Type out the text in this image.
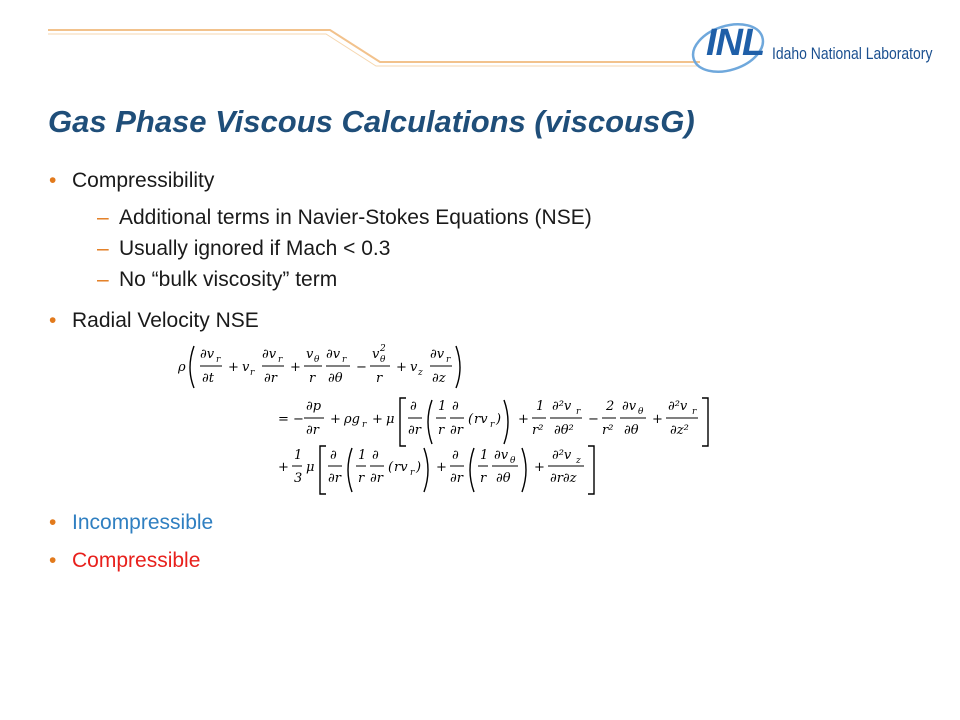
INL Idaho National Laboratory
Gas Phase Viscous Calculations (viscousG)
• Compressibility
– Additional terms in Navier-Stokes Equations (NSE)
– Usually ignored if Mach < 0.3
– No “bulk viscosity” term
• Radial Velocity NSE
ρ
∂v r
∂t
+ v r
∂v r
∂r
+
v θ
r
∂v r
∂θ
−
v 2
θ
r
+ v z
∂v r
∂z
= −
∂p
∂r
+ ρg r + μ
∂
∂r
1
r
∂
∂r
( rv r ) +
1
r²
∂²v r
∂θ²
−
2
r²
∂v θ
∂θ
+
∂²v r
∂z²
+
1
3
μ
∂
∂r
1
r
∂
∂r
( rv r ) +
∂
∂r
1
r
∂v θ
∂θ
+
∂²v z
∂r∂z
• Incompressible
• Compressible
